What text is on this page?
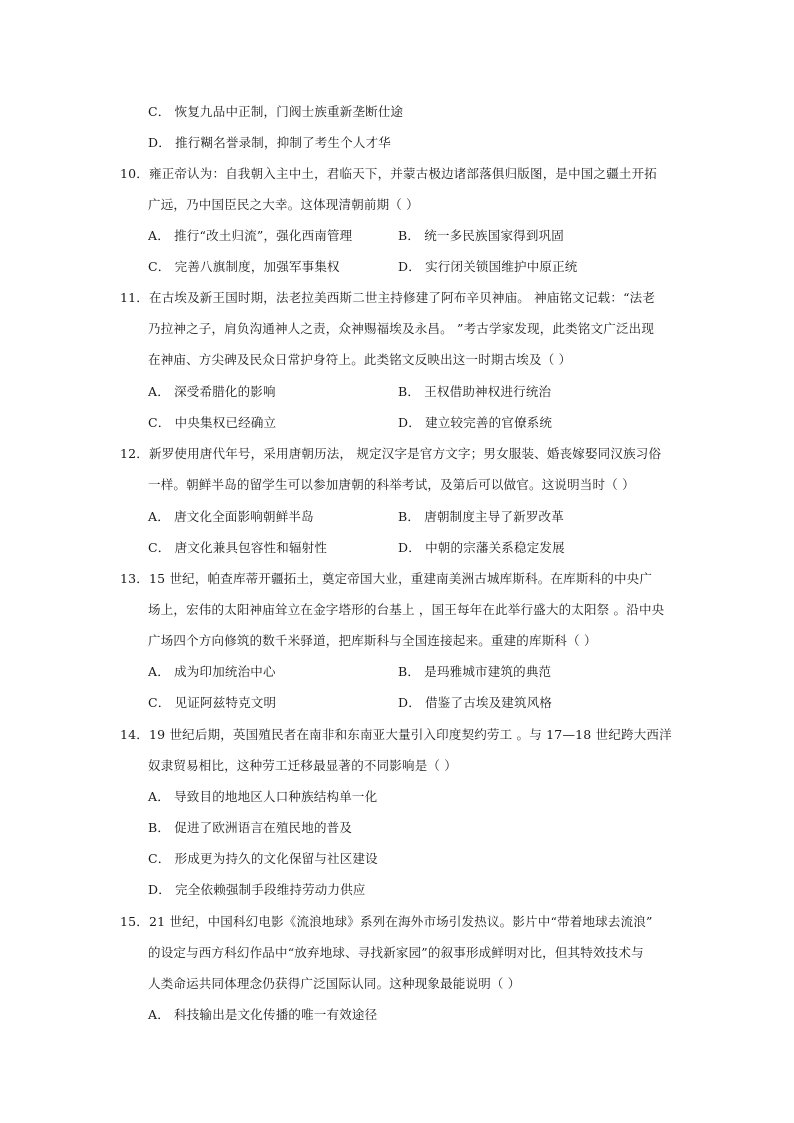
C． 恢复九品中正制，门阀士族重新垄断仕途
D． 推行糊名誉录制，抑制了考生个人才华
10．雍正帝认为：自我朝入主中土，君临天下，并蒙古极边诸部落俱归版图，是中国之疆土开拓
广远，乃中国臣民之大幸。这体现清朝前期（ ）
A． 推行“改土归流”，强化西南管理	B． 统一多民族国家得到巩固
C． 完善八旗制度，加强军事集权	D． 实行闭关锁国维护中原正统
11．在古埃及新王国时期，法老拉美西斯二世主持修建了阿布辛贝神庙。 神庙铭文记载：“法老
乃拉神之子，肩负沟通神人之责，众神赐福埃及永昌。 ”考古学家发现，此类铭文广泛出现
在神庙、方尖碑及民众日常护身符上。此类铭文反映出这一时期古埃及（ ）
A． 深受希腊化的影响	B． 王权借助神权进行统治
C． 中央集权已经确立	D． 建立较完善的官僚系统
12．新罗使用唐代年号，采用唐朝历法， 规定汉字是官方文字；男女服装、婚丧嫁娶同汉族习俗
一样。朝鲜半岛的留学生可以参加唐朝的科举考试，及第后可以做官。这说明当时（ ）
A． 唐文化全面影响朝鲜半岛	B． 唐朝制度主导了新罗改革
C． 唐文化兼具包容性和辐射性	D． 中朝的宗藩关系稳定发展
13．15 世纪，帕查库蒂开疆拓土，奠定帝国大业，重建南美洲古城库斯科。在库斯科的中央广
场上，宏伟的太阳神庙耸立在金字塔形的台基上 ，国王每年在此举行盛大的太阳祭 。沿中央
广场四个方向修筑的数千米驿道，把库斯科与全国连接起来。重建的库斯科（ ）
A． 成为印加统治中心	B． 是玛雅城市建筑的典范
C． 见证阿兹特克文明	D． 借鉴了古埃及建筑风格
14．19 世纪后期，英国殖民者在南非和东南亚大量引入印度契约劳工 。与 17—18 世纪跨大西洋
奴隶贸易相比，这种劳工迁移最显著的不同影响是（ ）
A． 导致目的地地区人口种族结构单一化
B． 促进了欧洲语言在殖民地的普及
C． 形成更为持久的文化保留与社区建设
D． 完全依赖强制手段维持劳动力供应
15．21 世纪，中国科幻电影《流浪地球》系列在海外市场引发热议。影片中“带着地球去流浪”
的设定与西方科幻作品中“放弃地球、寻找新家园”的叙事形成鲜明对比，但其特效技术与
人类命运共同体理念仍获得广泛国际认同。这种现象最能说明（ ）
A． 科技输出是文化传播的唯一有效途径
